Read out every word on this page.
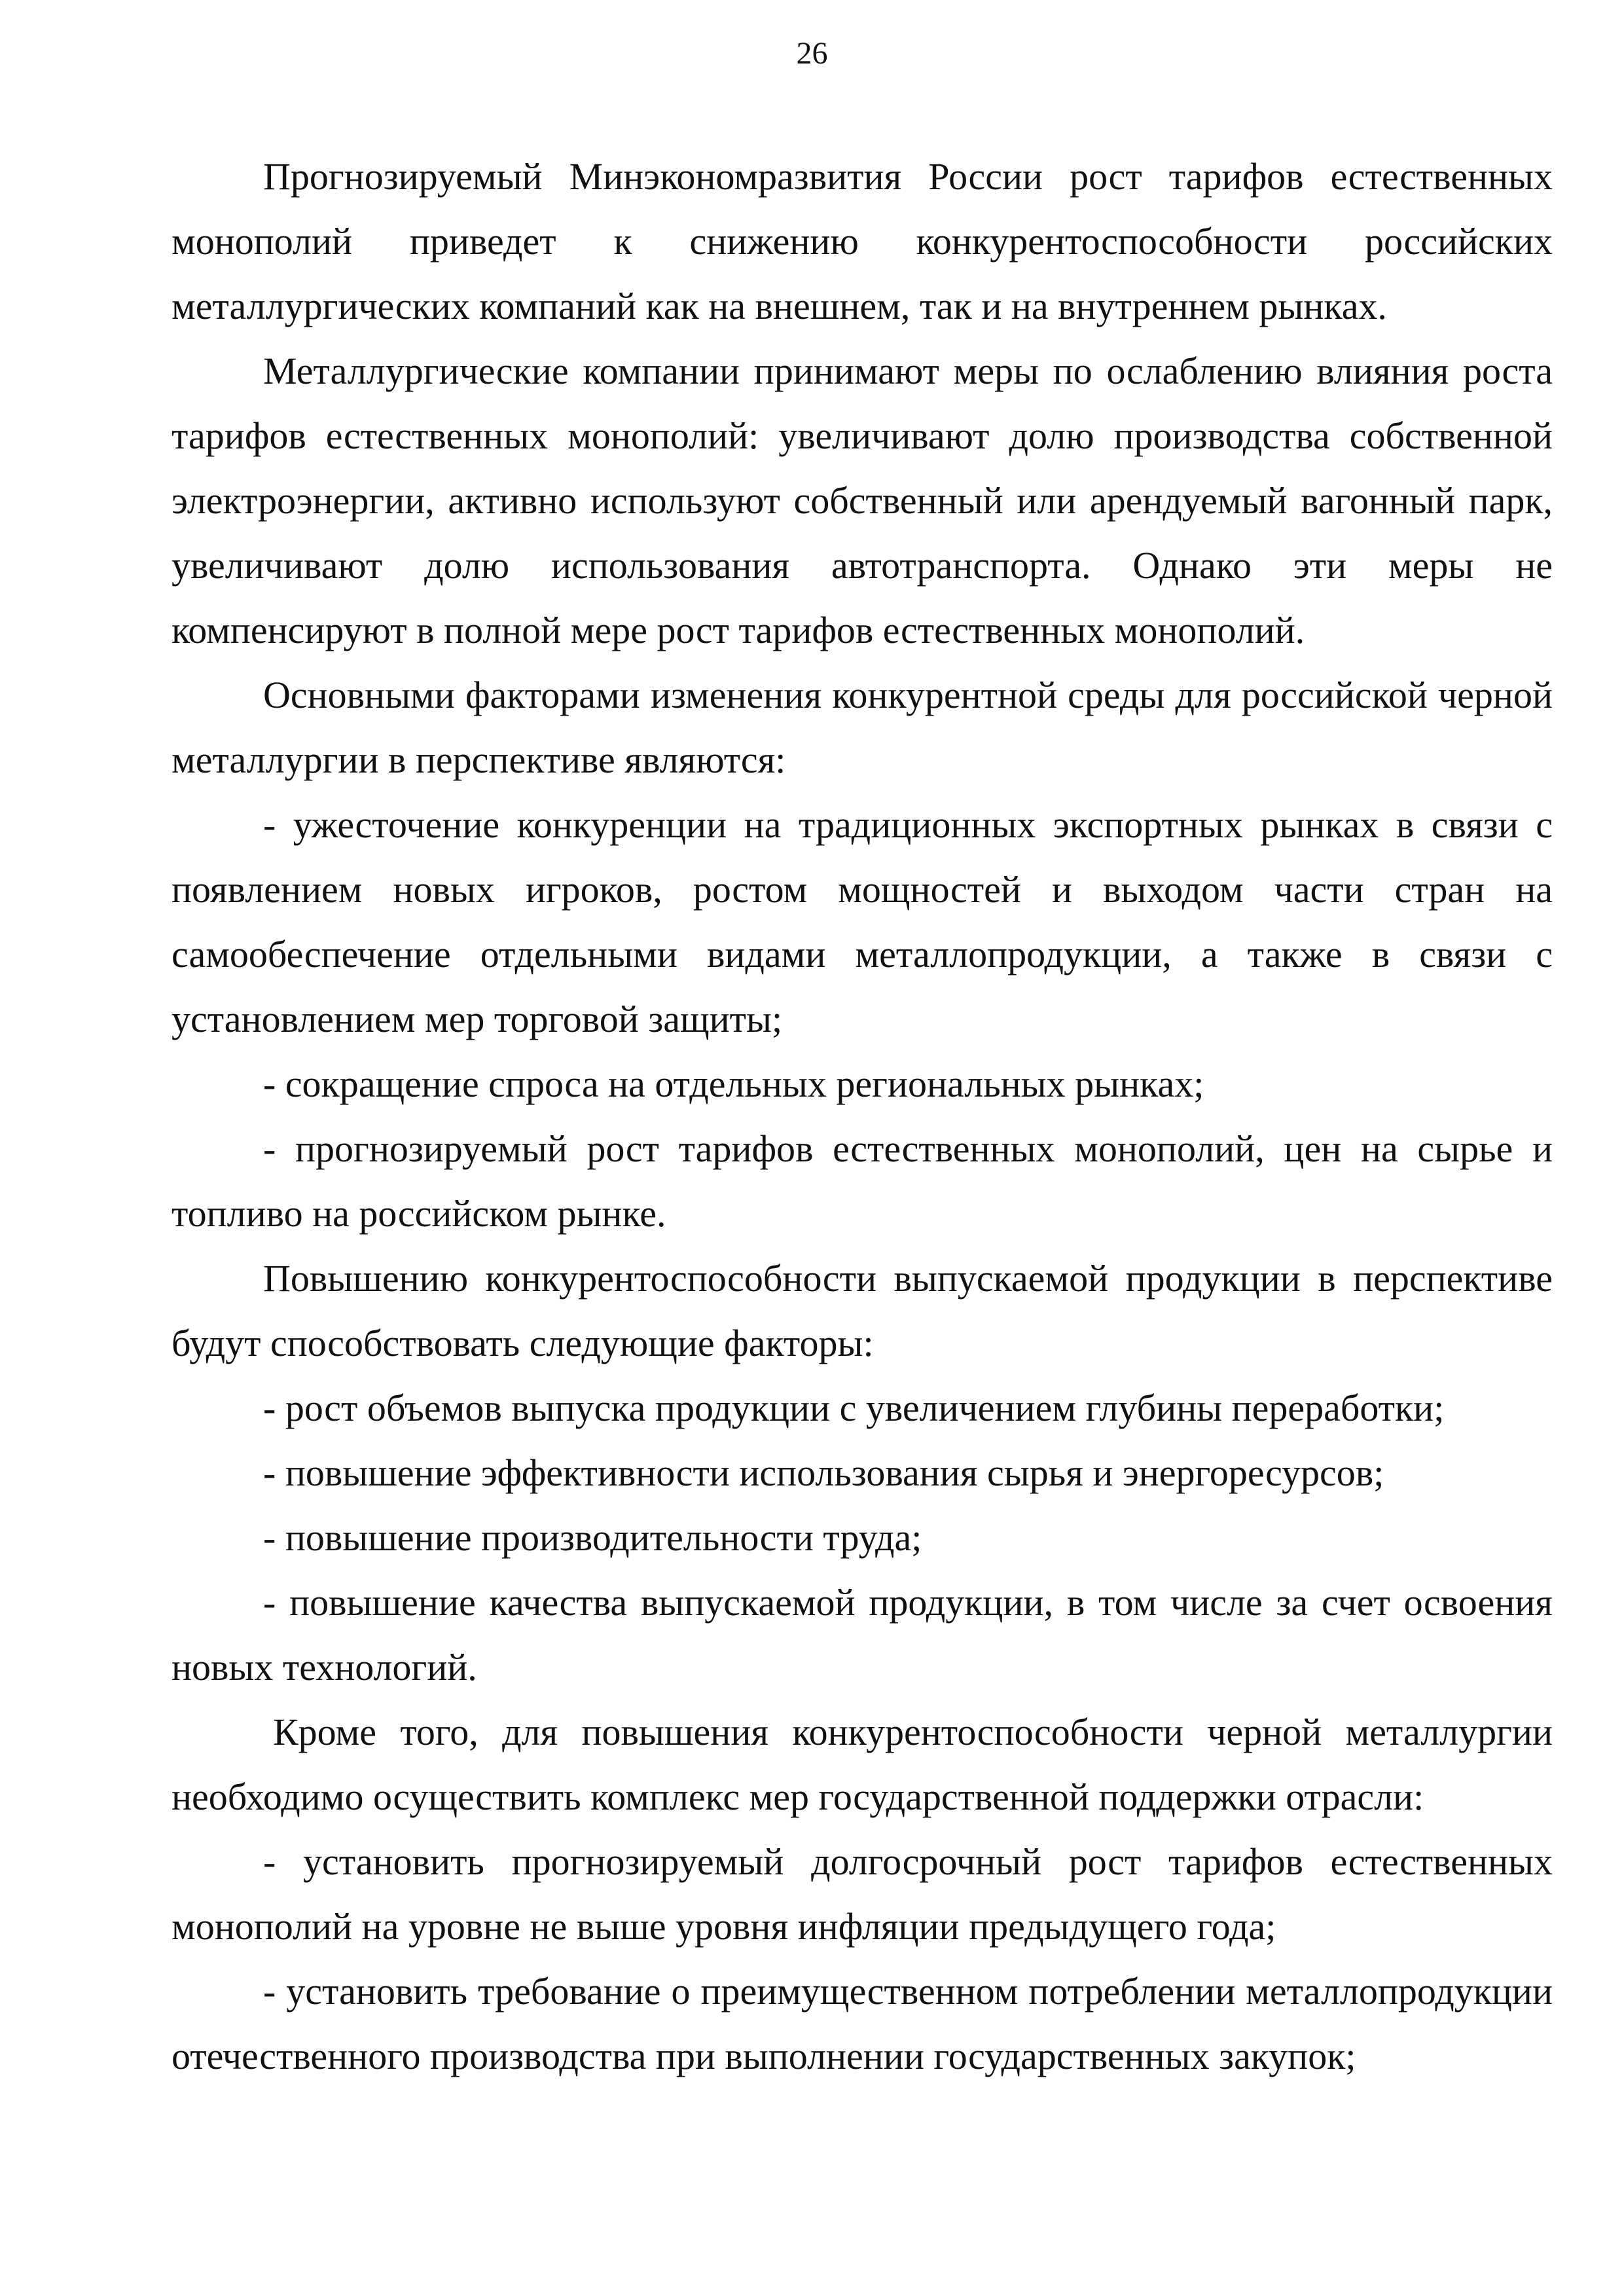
26

Прогнозируемый Минэкономразвития России рост тарифов естественных монополий приведет к снижению конкурентоспособности российских металлургических компаний как на внешнем, так и на внутреннем рынках.

Металлургические компании принимают меры по ослаблению влияния роста тарифов естественных монополий: увеличивают долю производства собственной электроэнергии, активно используют собственный или арендуемый вагонный парк, увеличивают долю использования автотранспорта. Однако эти меры не компенсируют в полной мере рост тарифов естественных монополий.

Основными факторами изменения конкурентной среды для российской черной металлургии в перспективе являются:

- ужесточение конкуренции на традиционных экспортных рынках в связи с появлением новых игроков, ростом мощностей и выходом части стран на самообеспечение отдельными видами металлопродукции, а также в связи с установлением мер торговой защиты;

- сокращение спроса на отдельных региональных рынках;

- прогнозируемый рост тарифов естественных монополий, цен на сырье и топливо на российском рынке.

Повышению конкурентоспособности выпускаемой продукции в перспективе будут способствовать следующие факторы:

- рост объемов выпуска продукции с увеличением глубины переработки;

- повышение эффективности использования сырья и энергоресурсов;

- повышение производительности труда;

- повышение качества выпускаемой продукции, в том числе за счет освоения новых технологий.

Кроме того, для повышения конкурентоспособности черной металлургии необходимо осуществить комплекс мер государственной поддержки отрасли:

- установить прогнозируемый долгосрочный рост тарифов естественных монополий на уровне не выше уровня инфляции предыдущего года;

- установить требование о преимущественном потреблении металлопродукции отечественного производства при выполнении государственных закупок;
